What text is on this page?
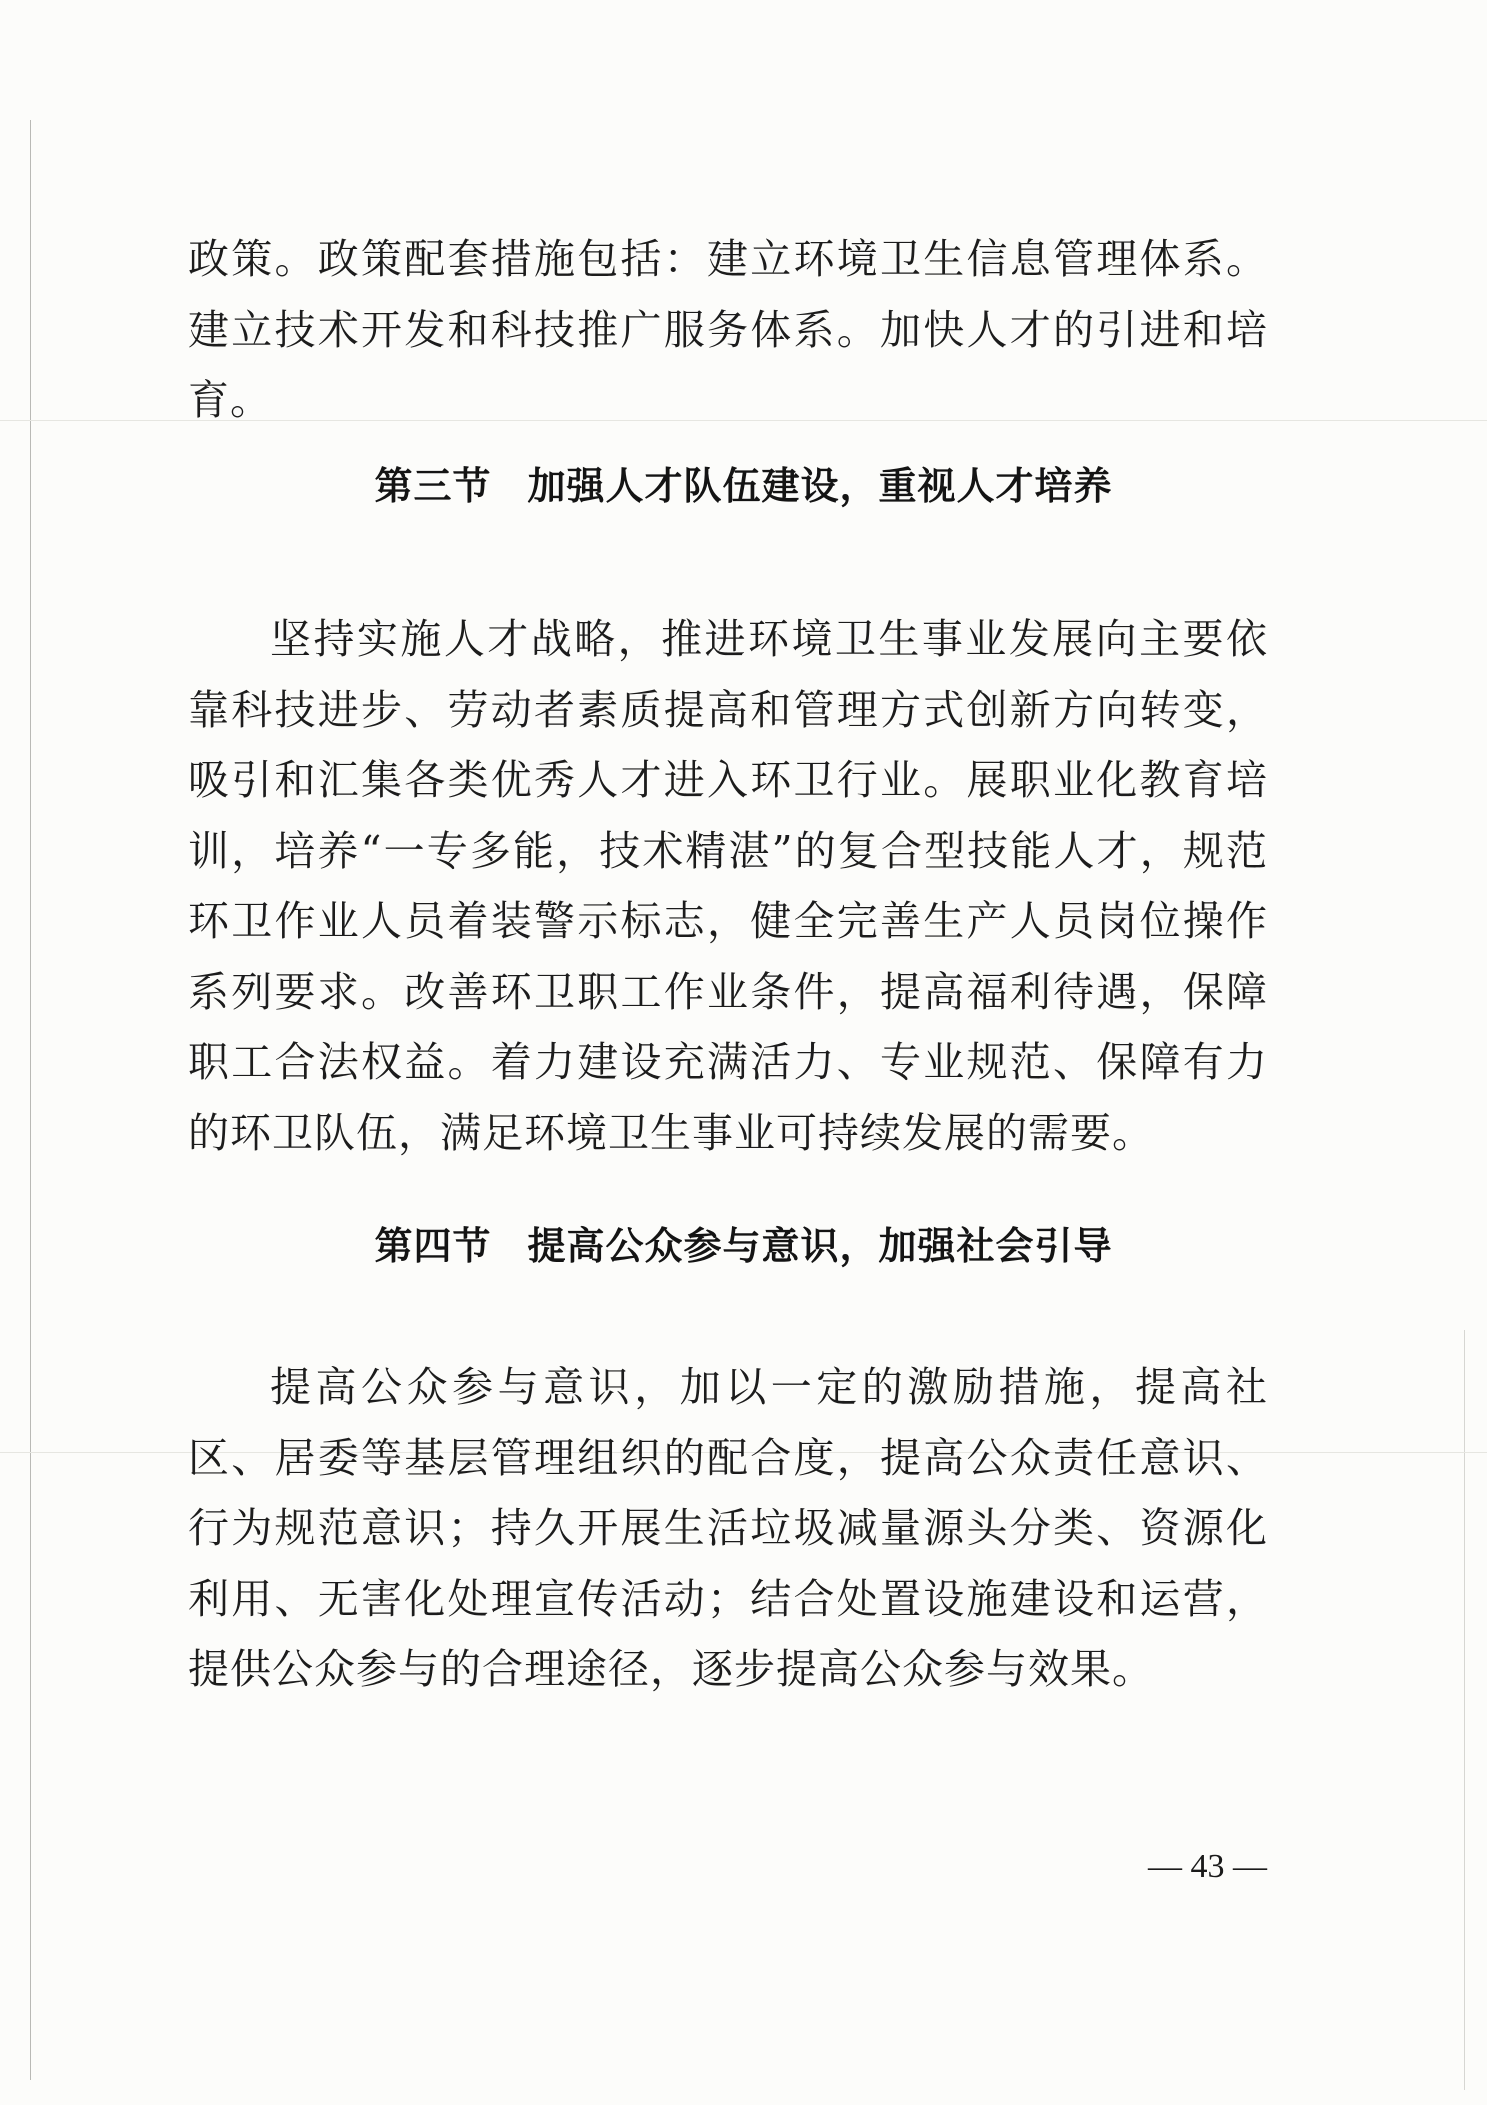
政策。政策配套措施包括：建立环境卫生信息管理体系。建立技术开发和科技推广服务体系。加快人才的引进和培育。

第三节 加强人才队伍建设，重视人才培养

坚持实施人才战略，推进环境卫生事业发展向主要依靠科技进步、劳动者素质提高和管理方式创新方向转变，吸引和汇集各类优秀人才进入环卫行业。展职业化教育培训，培养“一专多能，技术精湛”的复合型技能人才，规范环卫作业人员着装警示标志，健全完善生产人员岗位操作系列要求。改善环卫职工作业条件，提高福利待遇，保障职工合法权益。着力建设充满活力、专业规范、保障有力的环卫队伍，满足环境卫生事业可持续发展的需要。

第四节 提高公众参与意识，加强社会引导

提高公众参与意识，加以一定的激励措施，提高社区、居委等基层管理组织的配合度，提高公众责任意识、行为规范意识；持久开展生活垃圾减量源头分类、资源化利用、无害化处理宣传活动；结合处置设施建设和运营，提供公众参与的合理途径，逐步提高公众参与效果。

— 43 —
